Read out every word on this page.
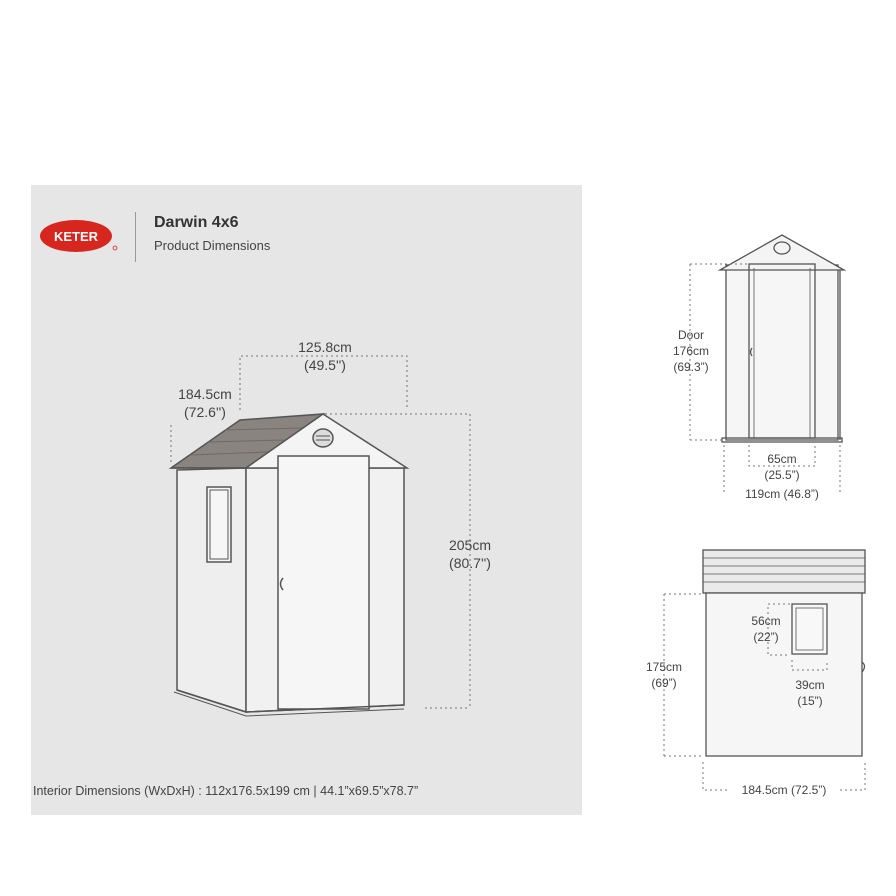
KETER
Darwin 4x6
Product Dimensions
125.8cm
(49.5'')
184.5cm
(72.6'')
205cm
(80.7'')
Interior Dimensions (WxDxH) : 112x176.5x199 cm | 44.1”x69.5”x78.7”
Door
176cm
(69.3”)
65cm
(25.5”)
119cm (46.8”)
175cm
(69”)
56cm
(22”)
39cm
(15”)
184.5cm (72.5”)
